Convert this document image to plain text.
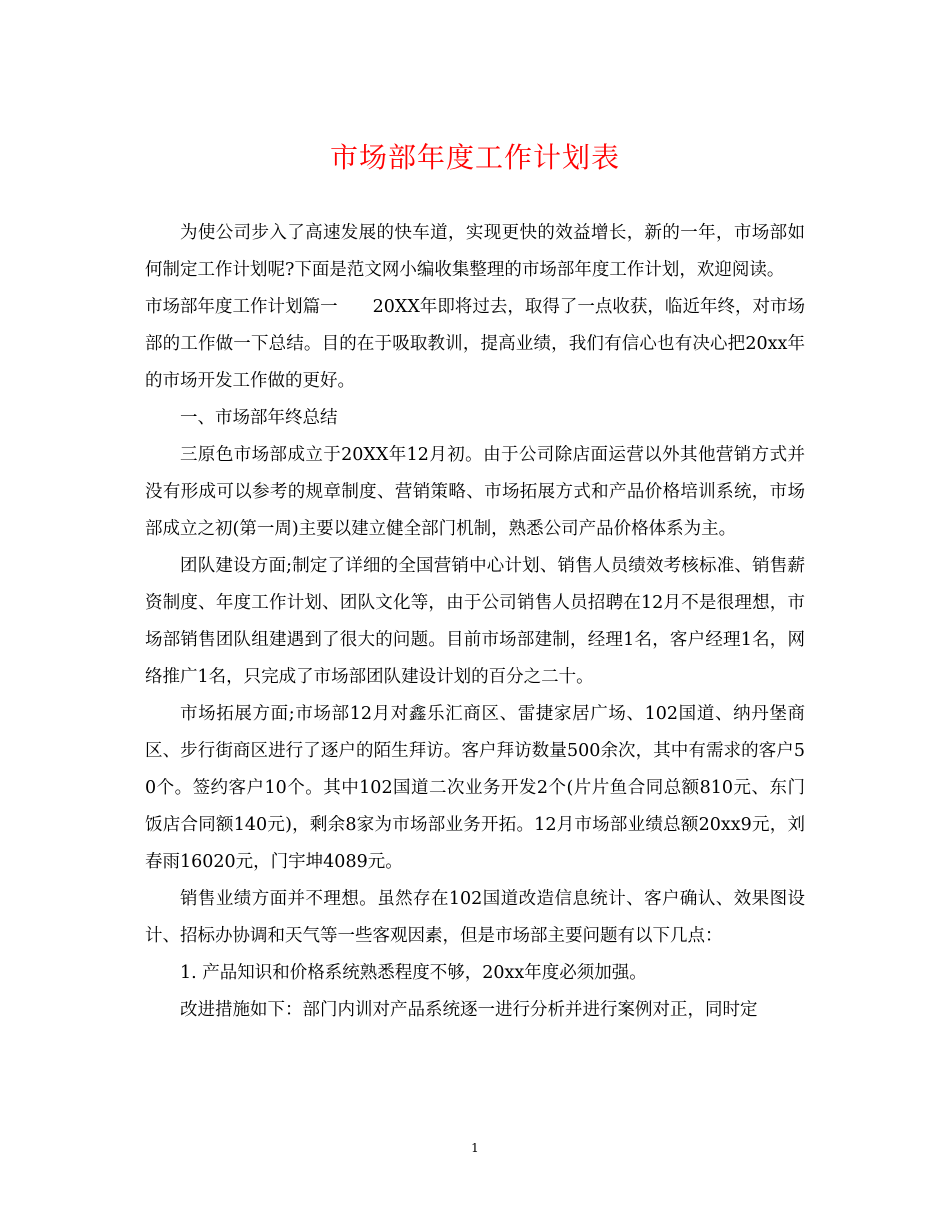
市场部年度工作计划表

为使公司步入了高速发展的快车道，实现更快的效益增长，新的一年，市场部如何制定工作计划呢?下面是范文网小编收集整理的市场部年度工作计划，欢迎阅读。

市场部年度工作计划篇一　　20XX年即将过去，取得了一点收获，临近年终，对市场部的工作做一下总结。目的在于吸取教训，提高业绩，我们有信心也有决心把20xx年的市场开发工作做的更好。

一、市场部年终总结

三原色市场部成立于20XX年12月初。由于公司除店面运营以外其他营销方式并没有形成可以参考的规章制度、营销策略、市场拓展方式和产品价格培训系统，市场部成立之初(第一周)主要以建立健全部门机制，熟悉公司产品价格体系为主。

团队建设方面;制定了详细的全国营销中心计划、销售人员绩效考核标准、销售薪资制度、年度工作计划、团队文化等，由于公司销售人员招聘在12月不是很理想，市场部销售团队组建遇到了很大的问题。目前市场部建制，经理1名，客户经理1名，网络推广1名，只完成了市场部团队建设计划的百分之二十。

市场拓展方面;市场部12月对鑫乐汇商区、雷捷家居广场、102国道、纳丹堡商区、步行街商区进行了逐户的陌生拜访。客户拜访数量500余次，其中有需求的客户50个。签约客户10个。其中102国道二次业务开发2个(片片鱼合同总额810元、东门饭店合同额140元)，剩余8家为市场部业务开拓。12月市场部业绩总额20xx9元，刘春雨16020元，门宇坤4089元。

销售业绩方面并不理想。虽然存在102国道改造信息统计、客户确认、效果图设计、招标办协调和天气等一些客观因素，但是市场部主要问题有以下几点：

1. 产品知识和价格系统熟悉程度不够，20xx年度必须加强。

改进措施如下：部门内训对产品系统逐一进行分析并进行案例对正，同时定

1
